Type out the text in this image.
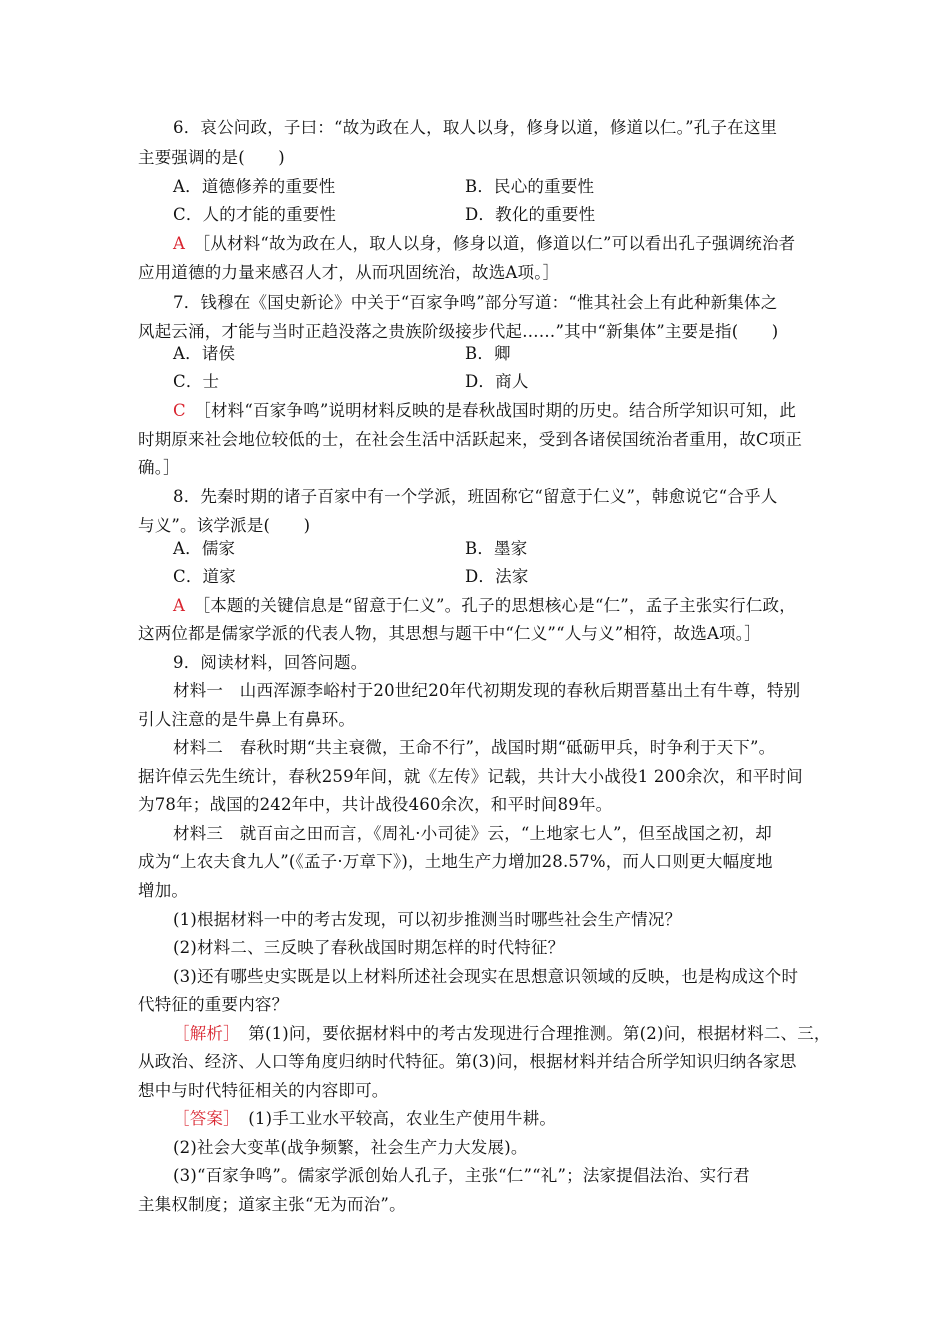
6．哀公问政，子曰：“故为政在人，取人以身，修身以道，修道以仁。”孔子在这里
主要强调的是(　　)
A．道德修养的重要性	B．民心的重要性
C．人的才能的重要性	D．教化的重要性
A　 ［从材料“故为政在人，取人以身，修身以道，修道以仁”可以看出孔子强调统治者
应用道德的力量来感召人才，从而巩固统治，故选A项。］
7．钱穆在《国史新论》中关于“百家争鸣”部分写道：“惟其社会上有此种新集体之
风起云涌，才能与当时正趋没落之贵族阶级接步代起……”其中“新集体”主要是指(　　)
A．诸侯	B．卿
C．士	D．商人
C　 ［材料“百家争鸣”说明材料反映的是春秋战国时期的历史。结合所学知识可知，此
时期原来社会地位较低的士，在社会生活中活跃起来，受到各诸侯国统治者重用，故C项正
确。］
8．先秦时期的诸子百家中有一个学派，班固称它“留意于仁义”，韩愈说它“合乎人
与义”。该学派是(　　)
A．儒家	B．墨家
C．道家	D．法家
A　 ［本题的关键信息是“留意于仁义”。孔子的思想核心是“仁”，孟子主张实行仁政，
这两位都是儒家学派的代表人物，其思想与题干中“仁义”“人与义”相符，故选A项。］
9．阅读材料，回答问题。
材料一　山西浑源李峪村于20世纪20年代初期发现的春秋后期晋墓出土有牛尊，特别
引人注意的是牛鼻上有鼻环。
材料二　春秋时期“共主衰微，王命不行”，战国时期“砥砺甲兵，时争利于天下”。
据许倬云先生统计，春秋259年间，就《左传》记载，共计大小战役1 200余次，和平时间
为78年；战国的242年中，共计战役460余次，和平时间89年。
材料三　就百亩之田而言，《周礼·小司徒》云，“上地家七人”，但至战国之初，却
成为“上农夫食九人”(《孟子·万章下》)，土地生产力增加28.57%，而人口则更大幅度地
增加。
(1)根据材料一中的考古发现，可以初步推测当时哪些社会生产情况？
(2)材料二、三反映了春秋战国时期怎样的时代特征？
(3)还有哪些史实既是以上材料所述社会现实在思想意识领域的反映，也是构成这个时
代特征的重要内容？
［解析］　第(1)问，要依据材料中的考古发现进行合理推测。第(2)问，根据材料二、三，
从政治、经济、人口等角度归纳时代特征。第(3)问，根据材料并结合所学知识归纳各家思
想中与时代特征相关的内容即可。
［答案］　(1)手工业水平较高，农业生产使用牛耕。
(2)社会大变革(战争频繁，社会生产力大发展)。
(3)“百家争鸣”。儒家学派创始人孔子，主张“仁”“礼”；法家提倡法治、实行君
主集权制度；道家主张“无为而治”。
